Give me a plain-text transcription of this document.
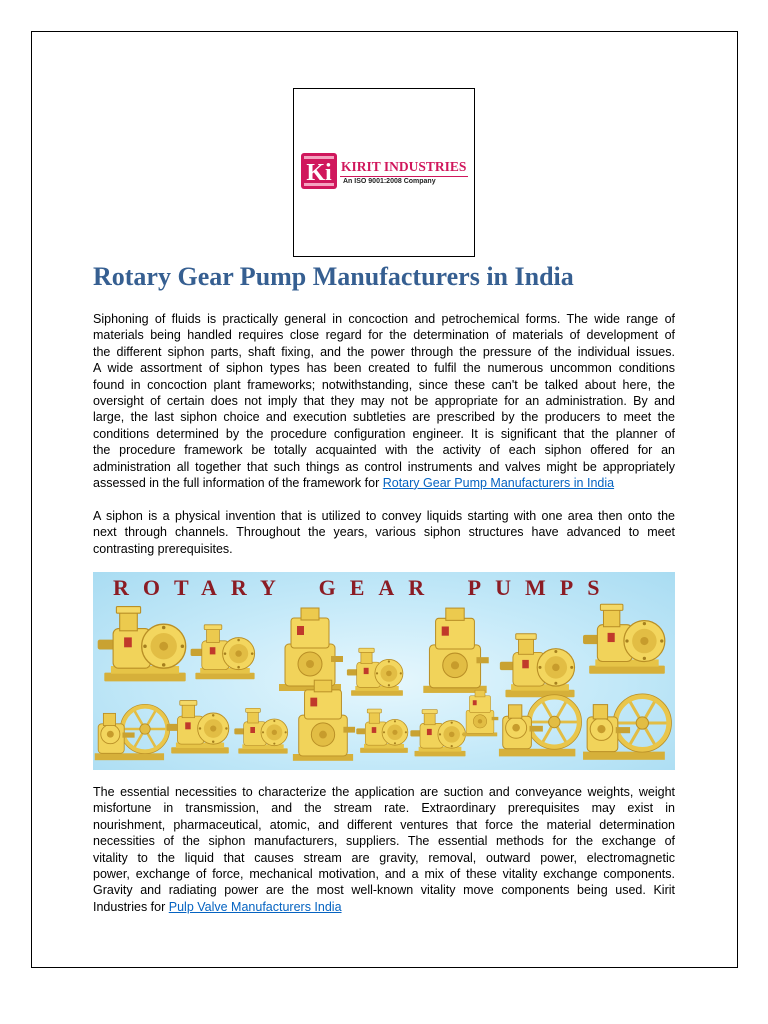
Ki KIRIT INDUSTRIES
An ISO 9001:2008 Company
Rotary Gear Pump Manufacturers in India
Siphoning of fluids is practically general in concoction and petrochemical forms. The wide range of
materials being handled requires close regard for the determination of materials of development of
the different siphon parts, shaft fixing, and the power through the pressure of the individual issues.
A wide assortment of siphon types has been created to fulfil the numerous uncommon conditions
found in concoction plant frameworks; notwithstanding, since these can't be talked about here, the
oversight of certain does not imply that they may not be appropriate for an administration. By and
large, the last siphon choice and execution subtleties are prescribed by the producers to meet the
conditions determined by the procedure configuration engineer. It is significant that the planner of
the procedure framework be totally acquainted with the activity of each siphon offered for an
administration all together that such things as control instruments and valves might be appropriately
assessed in the full information of the framework for Rotary Gear Pump Manufacturers in India
A siphon is a physical invention that is utilized to convey liquids starting with one area then onto the
next through channels. Throughout the years, various siphon structures have advanced to meet
contrasting prerequisites.
ROTARY GEAR PUMPS
The essential necessities to characterize the application are suction and conveyance weights, weight
misfortune in transmission, and the stream rate. Extraordinary prerequisites may exist in
nourishment, pharmaceutical, atomic, and different ventures that force the material determination
necessities of the siphon manufacturers, suppliers. The essential methods for the exchange of
vitality to the liquid that causes stream are gravity, removal, outward power, electromagnetic
power, exchange of force, mechanical motivation, and a mix of these vitality exchange components.
Gravity and radiating power are the most well-known vitality move components being used. Kirit
Industries for Pulp Valve Manufacturers India
